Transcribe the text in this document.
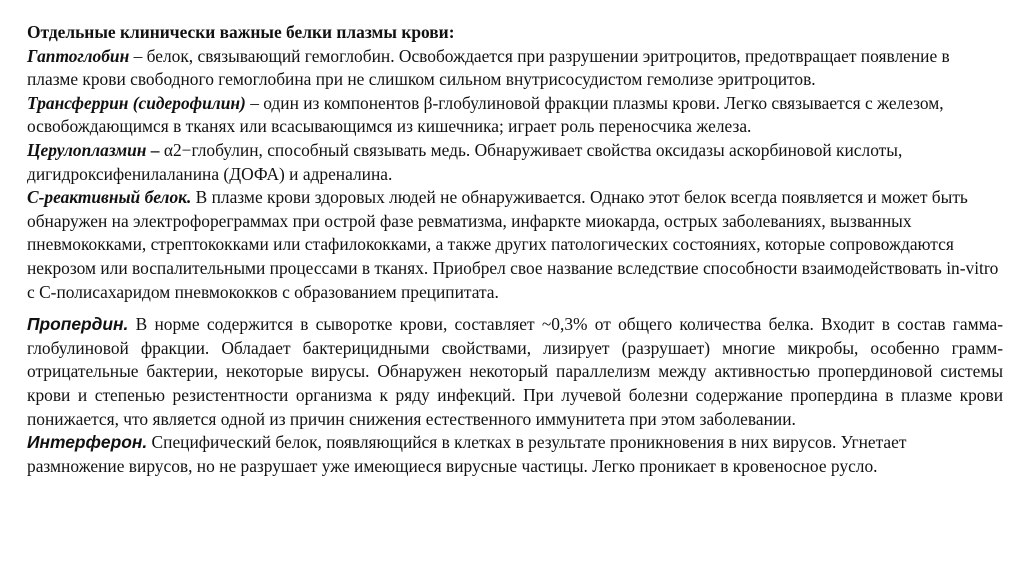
Отдельные клинически важные белки плазмы крови:

Гаптоглобин – белок, связывающий гемоглобин. Освобождается при разрушении эритроцитов, предотвращает появление в плазме крови свободного гемоглобина при не слишком сильном внутрисосудистом гемолизе эритроцитов.

Трансферрин (сидерофилин) – один из компонентов β-глобулиновой фракции плазмы крови. Легко связывается с железом, освобождающимся в тканях или всасывающимся из кишечника; играет роль переносчика железа.

Церулоплазмин – α2−глобулин, способный связывать медь. Обнаруживает свойства оксидазы аскорбиновой кислоты, дигидроксифенилаланина (ДОФА) и адреналина.

С-реактивный белок. В плазме крови здоровых людей не обнаруживается. Однако этот белок всегда появляется и может быть обнаружен на электрофореграммах при острой фазе ревматизма, инфаркте миокарда, острых заболеваниях, вызванных пневмококками, стрептококками или стафилококками, а также других патологических состояниях, которые сопровождаются некрозом или воспалительными процессами в тканях. Приобрел свое название вследствие способности взаимодействовать in-vitro с С-полисахаридом пневмококков с образованием преципитата.

Пропердин. В норме содержится в сыворотке крови, составляет ~0,3% от общего количества белка. Входит в состав гамма-глобулиновой фракции. Обладает бактерицидными свойствами, лизирует (разрушает) многие микробы, особенно грамм-отрицательные бактерии, некоторые вирусы. Обнаружен некоторый параллелизм между активностью пропердиновой системы крови и степенью резистентности организма к ряду инфекций. При лучевой болезни содержание пропердина в плазме крови понижается, что является одной из причин снижения естественного иммунитета при этом заболевании.

Интерферон. Специфический белок, появляющийся в клетках в результате проникновения в них вирусов. Угнетает размножение вирусов, но не разрушает уже имеющиеся вирусные частицы. Легко проникает в кровеносное русло.
